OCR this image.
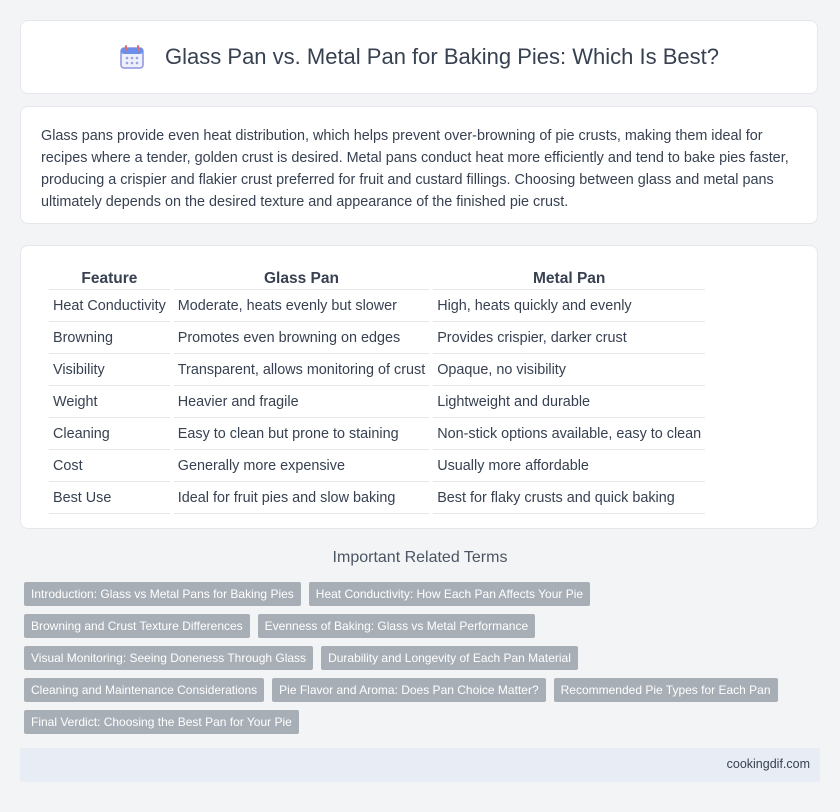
Glass Pan vs. Metal Pan for Baking Pies: Which Is Best?

Glass pans provide even heat distribution, which helps prevent over-browning of pie crusts, making them ideal for recipes where a tender, golden crust is desired. Metal pans conduct heat more efficiently and tend to bake pies faster, producing a crispier and flakier crust preferred for fruit and custard fillings. Choosing between glass and metal pans ultimately depends on the desired texture and appearance of the finished pie crust.

Feature	Glass Pan	Metal Pan
Heat Conductivity	Moderate, heats evenly but slower	High, heats quickly and evenly
Browning	Promotes even browning on edges	Provides crispier, darker crust
Visibility	Transparent, allows monitoring of crust	Opaque, no visibility
Weight	Heavier and fragile	Lightweight and durable
Cleaning	Easy to clean but prone to staining	Non-stick options available, easy to clean
Cost	Generally more expensive	Usually more affordable
Best Use	Ideal for fruit pies and slow baking	Best for flaky crusts and quick baking
Important Related Terms
Introduction: Glass vs Metal Pans for Baking Pies	Heat Conductivity: How Each Pan Affects Your Pie
Browning and Crust Texture Differences	Evenness of Baking: Glass vs Metal Performance
Visual Monitoring: Seeing Doneness Through Glass	Durability and Longevity of Each Pan Material
Cleaning and Maintenance Considerations	Pie Flavor and Aroma: Does Pan Choice Matter?	Recommended Pie Types for Each Pan
Final Verdict: Choosing the Best Pan for Your Pie
cookingdif.com
